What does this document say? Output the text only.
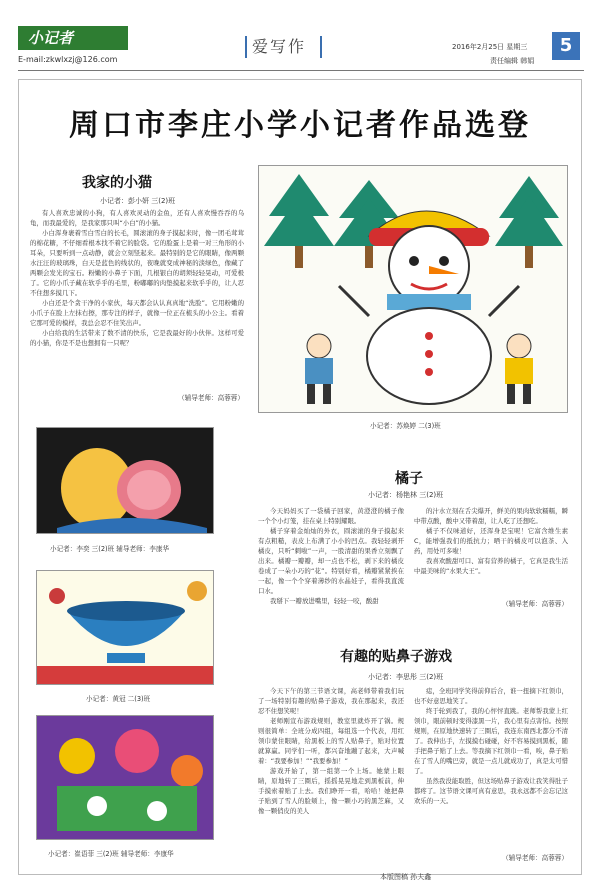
小记者
E-mail:zkwlxzj@126.com
爱写作	2016年2月25日 星期三
责任编辑 韩娟
5
周口市李庄小学小记者作品选登
我家的小猫
小记者：彭小妍 三(2)班

有人喜欢忠诚的小狗，有人喜欢灵动的金鱼，还有人喜欢慢吞吞的乌龟，而我最爱的，是我家那只叫“小白”的小猫。

小白浑身裹着雪白雪白的长毛，圆滚滚的身子摸起来时，像一团毛茸茸的棉花糖，不仔细看根本找不着它的脸袋。它的脸蛋上是着一对三角形的小耳朵，只要听到一点动静，就会立刻竖起来。最特别的是它的眼睛，像两颗水汪汪的玻璃珠，白天是蓝色的线状的，夜晚就变成神秘的淡绿色，像藏了两颗会发光的宝石。粉嫩的小鼻子下面，几根银白的胡须轻轻晃动，可爱极了。它的小爪子藏在软乎乎的毛里，粉嘟嘟的肉垫摸起来软乎乎的，让人忍不住想多摸几下。

小白还是个贪干净的小家伙，每天都会认认真真地“洗脸”。它用粉嫩的小爪子在脸上左抹右擦，那专注的样子，就像一位正在梳头的小公主。看着它那可爱的模样，我总会忍不住笑出声。

小白给我的生活带来了数不清的快乐，它是我最好的小伙伴。这样可爱的小猫，你是不是也想拥有一只呢？

（辅导老师：高蓉蓉）
小记者：苏焕婷 二(3)班
小记者：李奕 三(2)班 辅导老师：李康华
小记者：黄冠 二(3)班
小记者：崔语菲 三(2)班 辅导老师：李康华
橘子
小记者：杨艳林 三(2)班

今天妈妈买了一袋橘子回家，黄澄澄的橘子像一个个小灯笼，挂在桌上特别耀眼。

橘子穿着金灿灿的外衣，圆滚滚的身子摸起来有点粗糙，表皮上布满了小小的凹点。我轻轻剥开橘皮，只听“刺啦”一声，一股清甜的果香立刻飘了出来。橘瓣一瓣瓣，却一点也不松，剥下来的橘皮卷成了一朵小巧的“花”。特别好看，橘瓣紧紧挨在一起，像一个个穿着薄纱的水晶娃子，看得我直流口水。

我掰下一瓣放进嘴里，轻轻一咬，酸甜

的汁水立刻在舌尖爆开，鲜美的果肉软软糯糯，瞬中带点酸，酸中又带着甜，让人吃了还想吃。

橘子不仅味道好，还浑身是宝呢！它富含维生素C，能增强我们的抵抗力；晒干的橘皮可以泡茶、入药，用处可多啦！

我喜欢酸甜可口、富有营养的橘子，它真是我生活中最美味的“水果大王”。

（辅导老师：高蓉蓉）
有趣的贴鼻子游戏
小记者：李思彤 三(2)班

今天下午的第三节语文课，高老师带着我们玩了一场特别有趣的贴鼻子游戏，我在那起来，我还忍不住想笑呢！

老师刚宣布游戏规则，教室里就炸开了锅。规则很简单：全班分成四组，每组选一个代表，用红领巾蒙住眼睛，给黑板上的雪人贴鼻子，贴对位置就算赢。同学们一听，都兴奋地蹦了起来，大声喊着：“我要参加！”“我要参加！”

游戏开始了，第一组第一个上场。她蒙上眼睛，原地转了三圈后，摇摇晃晃地走到黑板前，伸手摸索着贴了上去。我们睁开一看，哈哈！她把鼻子贴到了雪人的脸颊上，像一颗小巧的黑芝麻，又像一颗俏皮的美人

痣，全班同学笑得前仰后合，谁一扭摘下红领巾，也不好意思地笑了。

终于轮到我了，我的心怦怦直跳。老师帮我蒙上红领巾，眼前顿时变得漆黑一片，我心里有点害怕。按照规则，在原地快速转了三圈后，我连东南西北都分不清了。我伸出手，左摸摸右碰碰，好不容易摸到黑板，随手把鼻子贴了上去。等我摘下红领巾一看，唉，鼻子贴在了雪人的嘴巴旁，就是一点儿就成功了，真是太可惜了。

虽然我没能取胜，但这场贴鼻子游戏让我笑得肚子都疼了。这节语文课可真有意思，我永远都不会忘记这欢乐的一天。

（辅导老师：高蓉蓉）
本版图稿 孙夫鑫
